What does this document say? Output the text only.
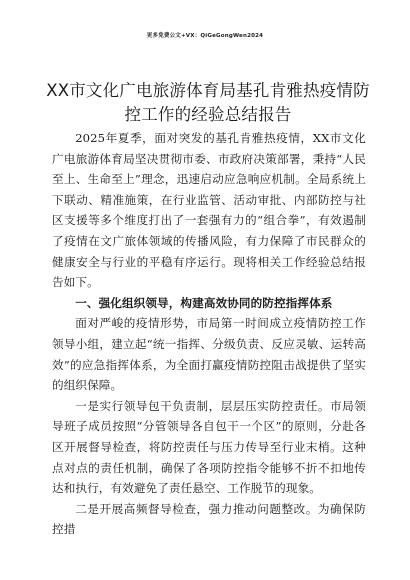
更多免费公文+VX：QiGeGongWen2024
XX市文化广电旅游体育局基孔肯雅热疫情防控工作的经验总结报告

2025年夏季，面对突发的基孔肯雅热疫情，XX市文化广电旅游体育局坚决贯彻市委、市政府决策部署，秉持“人民至上、生命至上”理念，迅速启动应急响应机制。全局系统上下联动、精准施策，在行业监管、活动审批、内部防控与社区支援等多个维度打出了一套强有力的“组合拳”，有效遏制了疫情在文广旅体领域的传播风险，有力保障了市民群众的健康安全与行业的平稳有序运行。现将相关工作经验总结报告如下。

一、强化组织领导，构建高效协同的防控指挥体系

面对严峻的疫情形势，市局第一时间成立疫情防控工作领导小组，建立起“统一指挥、分级负责、反应灵敏、运转高效”的应急指挥体系，为全面打赢疫情防控阻击战提供了坚实的组织保障。

一是实行领导包干负责制，层层压实防控责任。市局领导班子成员按照“分管领导各自包干一个区”的原则，分赴各区开展督导检查，将防控责任与压力传导至行业末梢。这种点对点的责任机制，确保了各项防控指令能够不折不扣地传达和执行，有效避免了责任悬空、工作脱节的现象。

二是开展高频督导检查，强力推动问题整改。为确保防控措
